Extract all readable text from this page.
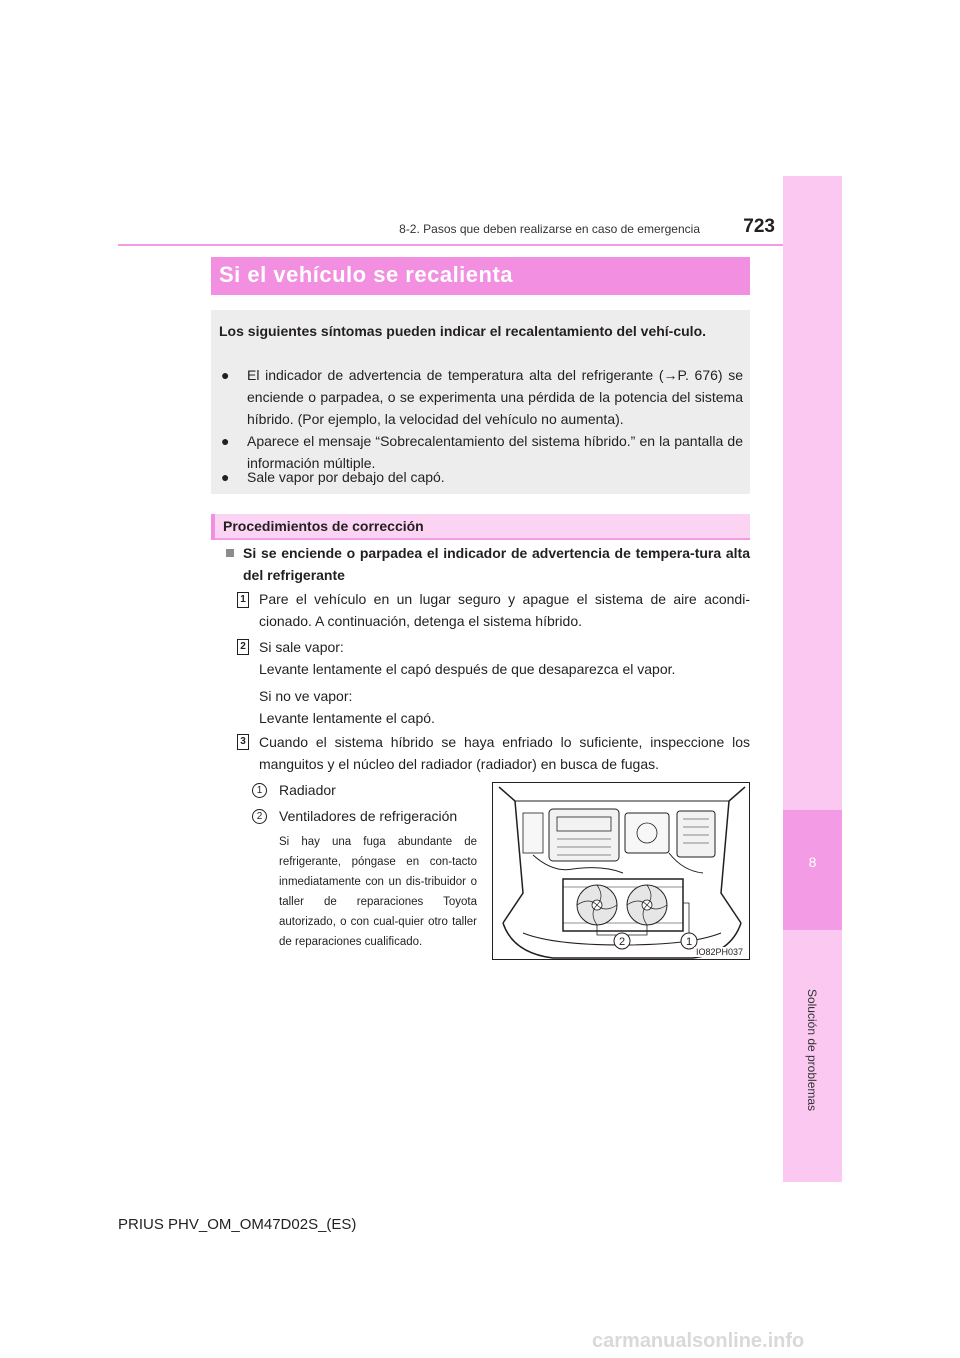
8
Solución de problemas
8-2. Pasos que deben realizarse en caso de emergencia	723
Si el vehículo se recalienta
Los siguientes síntomas pueden indicar el recalentamiento del vehí-culo.
● El indicador de advertencia de temperatura alta del refrigerante (→P. 676) se enciende o parpadea, o se experimenta una pérdida de la potencia del sistema híbrido. (Por ejemplo, la velocidad del vehículo no aumenta).
● Aparece el mensaje “Sobrecalentamiento del sistema híbrido.” en la pantalla de información múltiple.
● Sale vapor por debajo del capó.
Procedimientos de corrección
Si se enciende o parpadea el indicador de advertencia de tempera-tura alta del refrigerante
1 Pare el vehículo en un lugar seguro y apague el sistema de aire acondi-cionado. A continuación, detenga el sistema híbrido.
2 Si sale vapor:
Levante lentamente el capó después de que desaparezca el vapor.
Si no ve vapor:
Levante lentamente el capó.
3 Cuando el sistema híbrido se haya enfriado lo suficiente, inspeccione los manguitos y el núcleo del radiador (radiador) en busca de fugas.
1	Radiador
2	Ventiladores de refrigeración
Si hay una fuga abundante de refrigerante, póngase en con-tacto inmediatamente con un dis-tribuidor o taller de reparaciones Toyota autorizado, o con cual-quier otro taller de reparaciones cualificado.	2	1
IO82PH037
PRIUS PHV_OM_OM47D02S_(ES)
carmanualsonline.info
